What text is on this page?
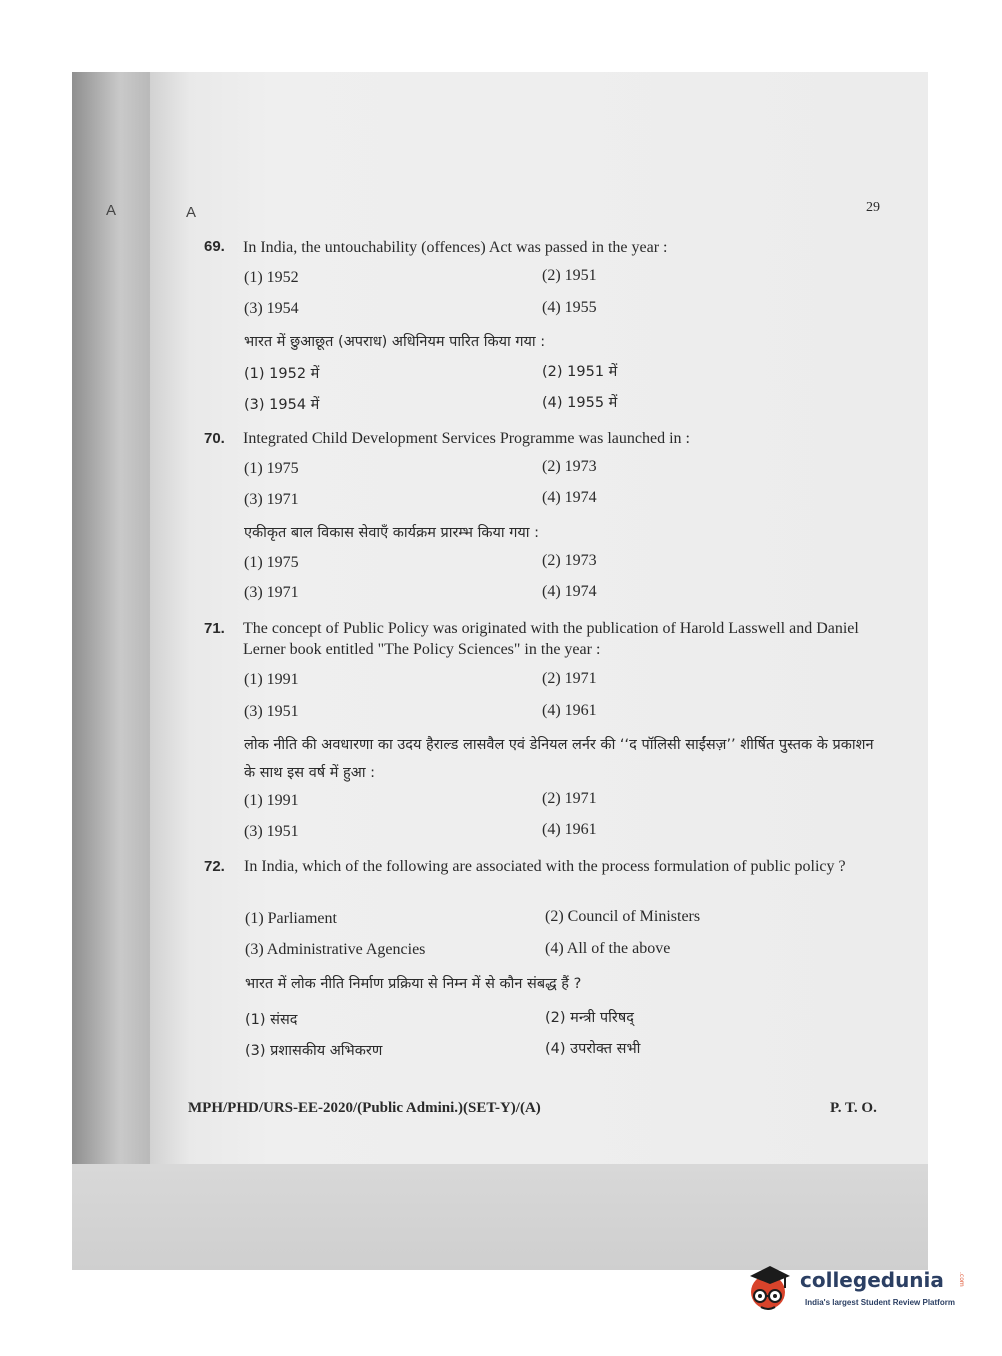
A	A	29
69. In India, the untouchability (offences) Act was passed in the year :
(1) 1952	(2) 1951
(3) 1954	(4) 1955
भारत में छुआछूत (अपराध) अधिनियम पारित किया गया :
(1) 1952 में	(2) 1951 में
(3) 1954 में	(4) 1955 में
70. Integrated Child Development Services Programme was launched in :
(1) 1975	(2) 1973
(3) 1971	(4) 1974
एकीकृत बाल विकास सेवाएँ कार्यक्रम प्रारम्भ किया गया :
(1) 1975	(2) 1973
(3) 1971	(4) 1974
71. The concept of Public Policy was originated with the publication of Harold Lasswell and Daniel Lerner book entitled "The Policy Sciences" in the year :
(1) 1991	(2) 1971
(3) 1951	(4) 1961
लोक नीति की अवधारणा का उदय हैराल्ड लासवैल एवं डेनियल लर्नर की ‘‘द पॉलिसी साईंसज़’’ शीर्षित पुस्तक के प्रकाशन के साथ इस वर्ष में हुआ :
(1) 1991	(2) 1971
(3) 1951	(4) 1961
72. In India, which of the following are associated with the process formulation of public policy ?
(1) Parliament	(2) Council of Ministers
(3) Administrative Agencies	(4) All of the above
भारत में लोक नीति निर्माण प्रक्रिया से निम्न में से कौन संबद्ध हैं ?
(1) संसद	(2) मन्त्री परिषद्
(3) प्रशासकीय अभिकरण	(4) उपरोक्त सभी
MPH/PHD/URS-EE-2020/(Public Admini.)(SET-Y)/(A)	P. T. O.
collegedunia .com
India's largest Student Review Platform
